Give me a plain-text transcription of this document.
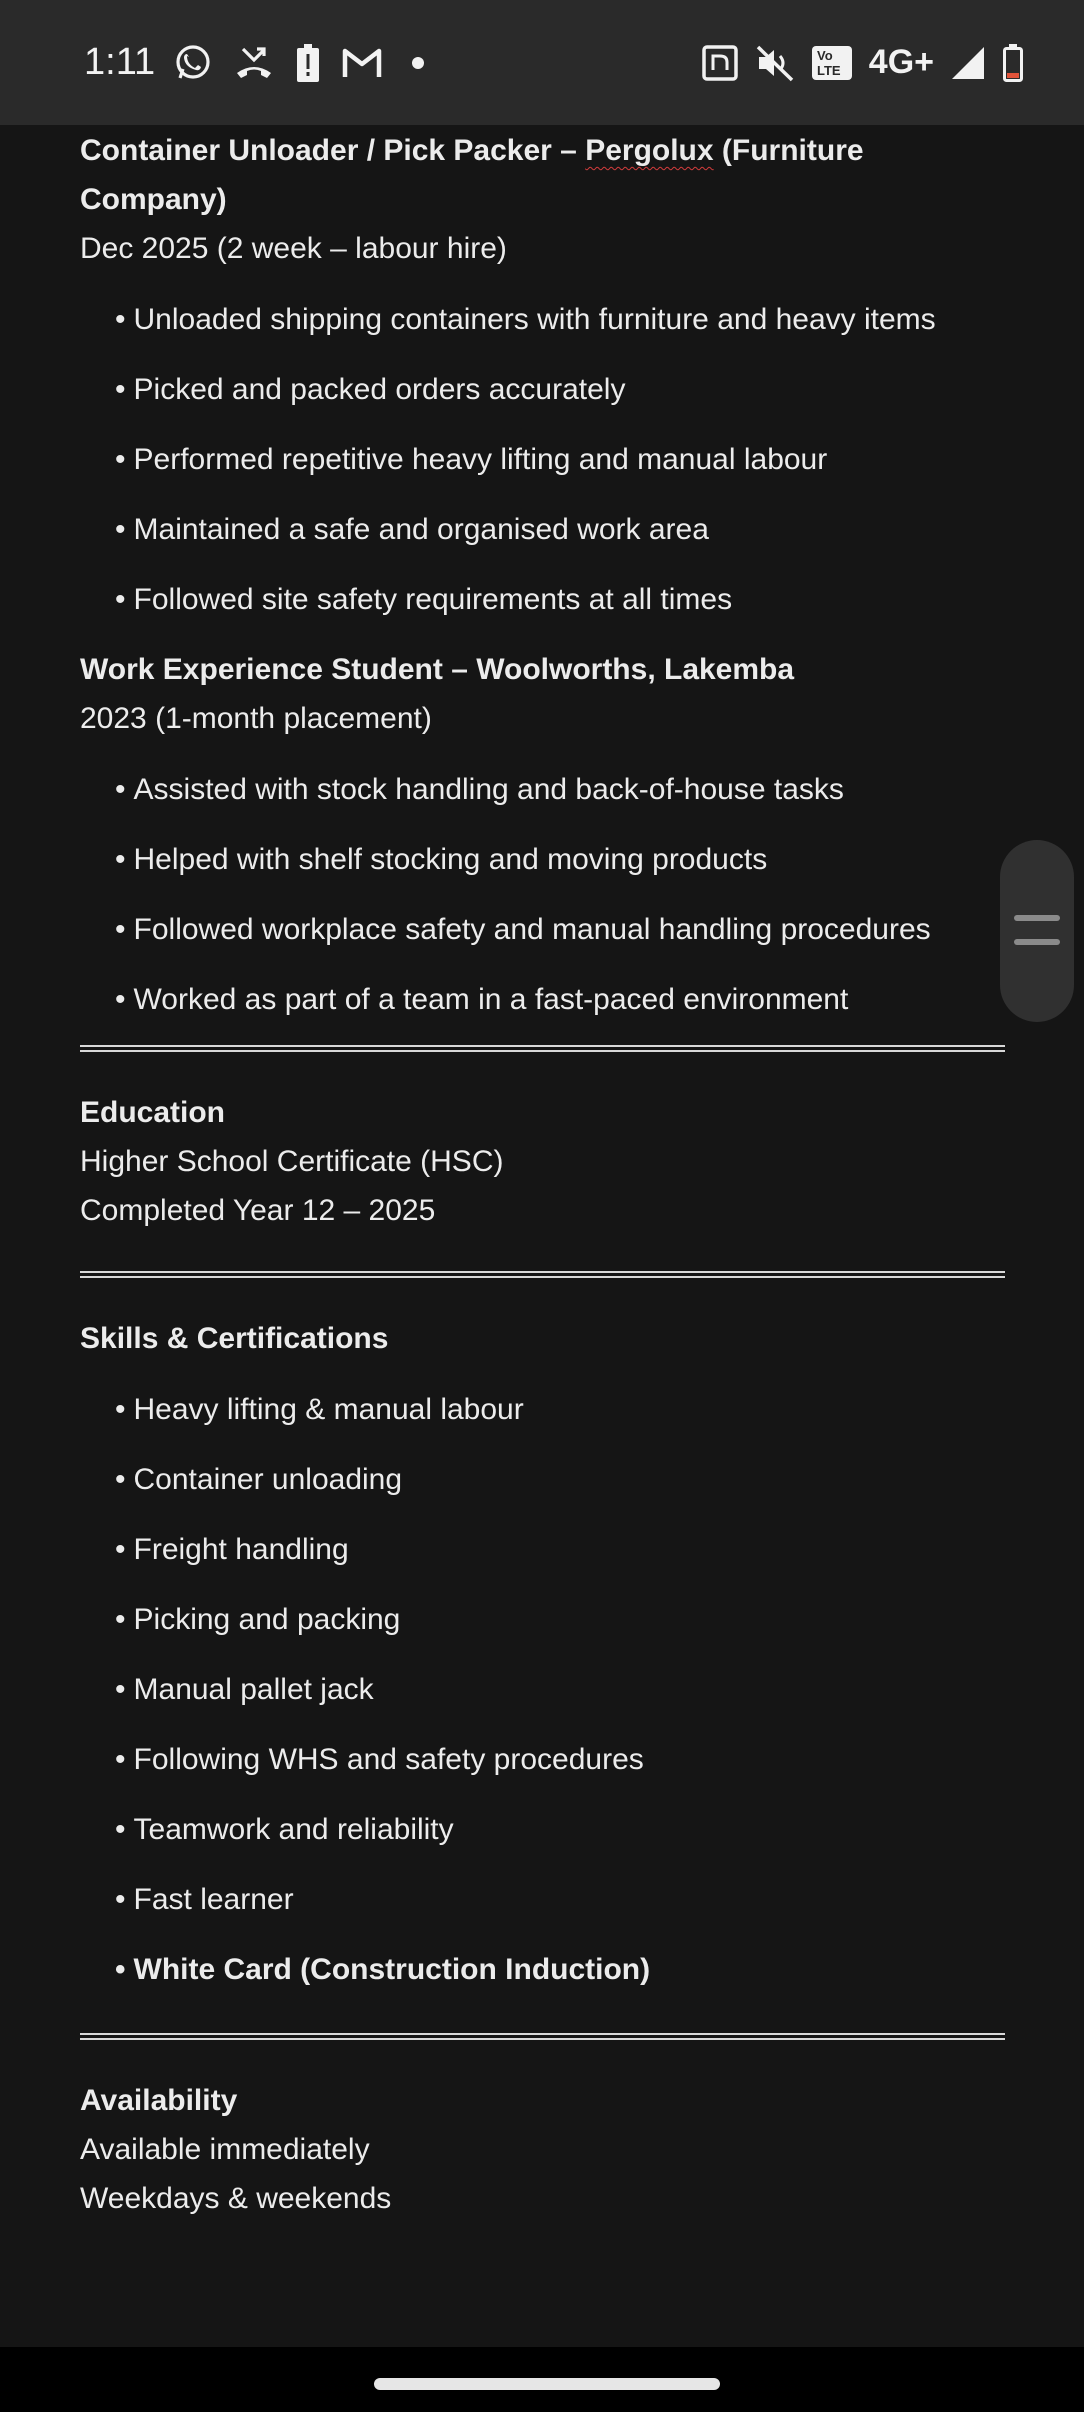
1:11	Vo
LTE 4G+
Container Unloader / Pick Packer – Pergolux (Furniture Company)
Dec 2025 (2 week – labour hire)
• Unloaded shipping containers with furniture and heavy items
• Picked and packed orders accurately
• Performed repetitive heavy lifting and manual labour
• Maintained a safe and organised work area
• Followed site safety requirements at all times
Work Experience Student – Woolworths, Lakemba
2023 (1-month placement)
• Assisted with stock handling and back-of-house tasks
• Helped with shelf stocking and moving products
• Followed workplace safety and manual handling procedures
• Worked as part of a team in a fast-paced environment
Education
Higher School Certificate (HSC)
Completed Year 12 – 2025
Skills & Certifications
• Heavy lifting & manual labour
• Container unloading
• Freight handling
• Picking and packing
• Manual pallet jack
• Following WHS and safety procedures
• Teamwork and reliability
• Fast learner
• White Card (Construction Induction)
Availability
Available immediately
Weekdays & weekends
